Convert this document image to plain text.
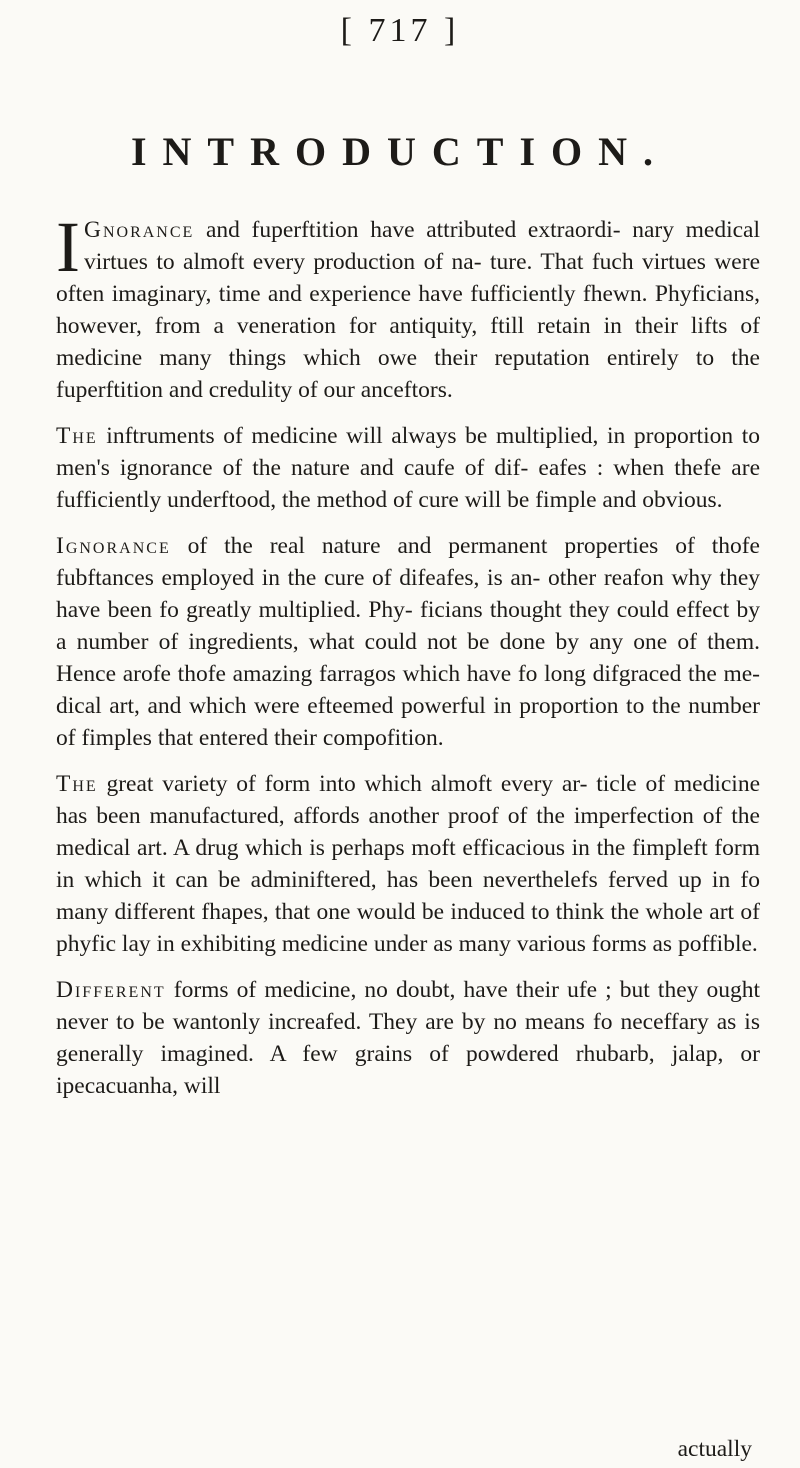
[ 717 ]
INTRODUCTION.

I Gnorance and fuperftition have attributed extraordi- nary medical virtues to almoft every production of na- ture. That fuch virtues were often imaginary, time and experience have fufficiently fhewn. Phyficians, however, from a veneration for antiquity, ftill retain in their lifts of medicine many things which owe their reputation entirely to the fuperftition and credulity of our anceftors.

The inftruments of medicine will always be multiplied, in proportion to men's ignorance of the nature and caufe of dif- eafes : when thefe are fufficiently underftood, the method of cure will be fimple and obvious.

Ignorance of the real nature and permanent properties of thofe fubftances employed in the cure of difeafes, is an- other reafon why they have been fo greatly multiplied. Phy- ficians thought they could effect by a number of ingredients, what could not be done by any one of them. Hence arofe thofe amazing farragos which have fo long difgraced the me- dical art, and which were efteemed powerful in proportion to the number of fimples that entered their compofition.

The great variety of form into which almoft every ar- ticle of medicine has been manufactured, affords another proof of the imperfection of the medical art. A drug which is perhaps moft efficacious in the fimpleft form in which it can be adminiftered, has been neverthelefs ferved up in fo many different fhapes, that one would be induced to think the whole art of phyfic lay in exhibiting medicine under as many various forms as poffible.

Different forms of medicine, no doubt, have their ufe ; but they ought never to be wantonly increafed. They are by no means fo neceffary as is generally imagined. A few grains of powdered rhubarb, jalap, or ipecacuanha, will

actually
